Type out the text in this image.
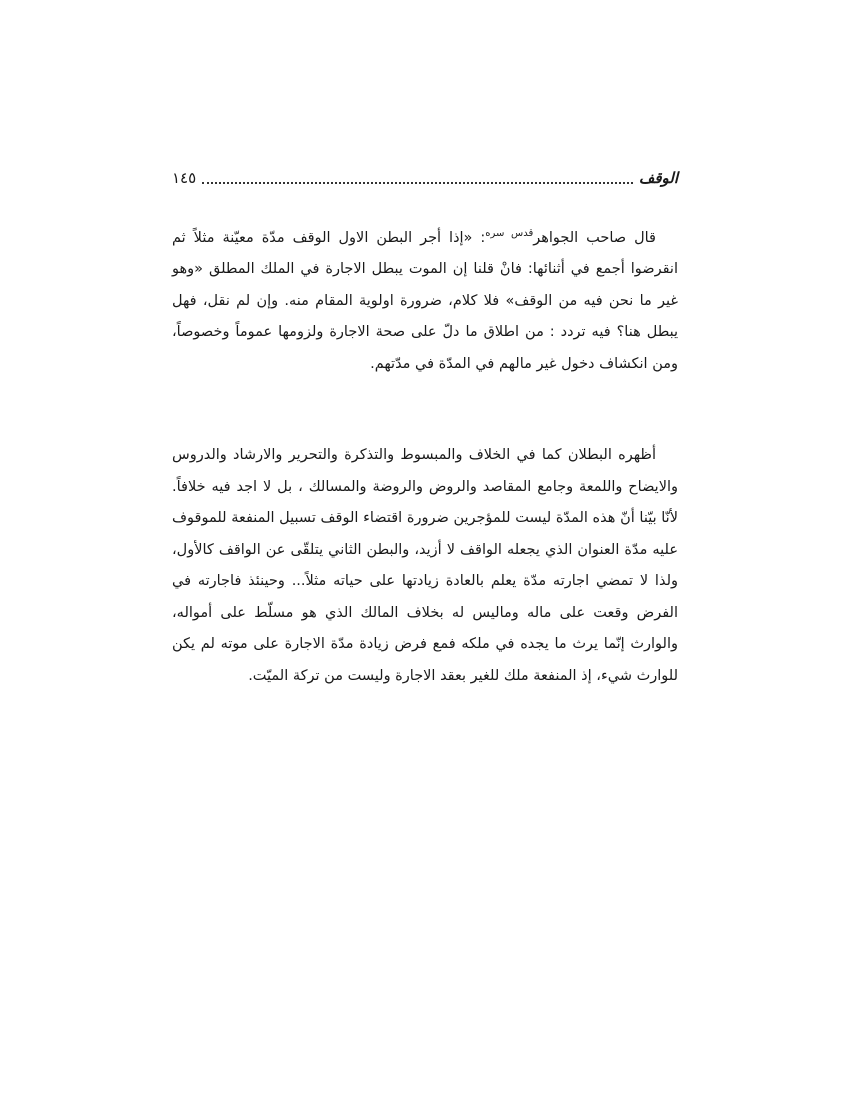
الوقف
١٤٥

قال صاحب الجواهر$^{قدس سره}$: «إذا أجر البطن الاول الوقف مدّة معيّنة مثلاً ثم انقرضوا أجمع في أثنائها: فانْ قلنا إن الموت يبطل الاجارة في الملك المطلق «وهو غير ما نحن فيه من الوقف» فلا كلام، ضرورة اولوية المقام منه. وإن لم نقل، فهل يبطل هنا؟ فيه تردد : من اطلاق ما دلّ على صحة الاجارة ولزومها عموماً وخصوصاً، ومن انكشاف دخول غير مالهم في المدّة في مدّتهم.

أظهره البطلان كما في الخلاف والمبسوط والتذكرة والتحرير والارشاد والدروس والايضاح واللمعة وجامع المقاصد والروض والروضة والمسالك ، بل لا اجد فيه خلافاً. لأنّا بيّنا أنّ هذه المدّة ليست للمؤجرين ضرورة اقتضاء الوقف تسبيل المنفعة للموقوف عليه مدّة العنوان الذي يجعله الواقف لا أزيد، والبطن الثاني يتلقّى عن الواقف كالأول، ولذا لا تمضي اجارته مدّة يعلم بالعادة زيادتها على حياته مثلاً... وحينئذ فاجارته في الفرض وقعت على ماله وماليس له بخلاف المالك الذي هو مسلّط على أمواله، والوارث إنّما يرث ما يجده في ملكه فمع فرض زيادة مدّة الاجارة على موته لم يكن للوارث شيء، إذ المنفعة ملك للغير بعقد الاجارة وليست من تركة الميّت.
